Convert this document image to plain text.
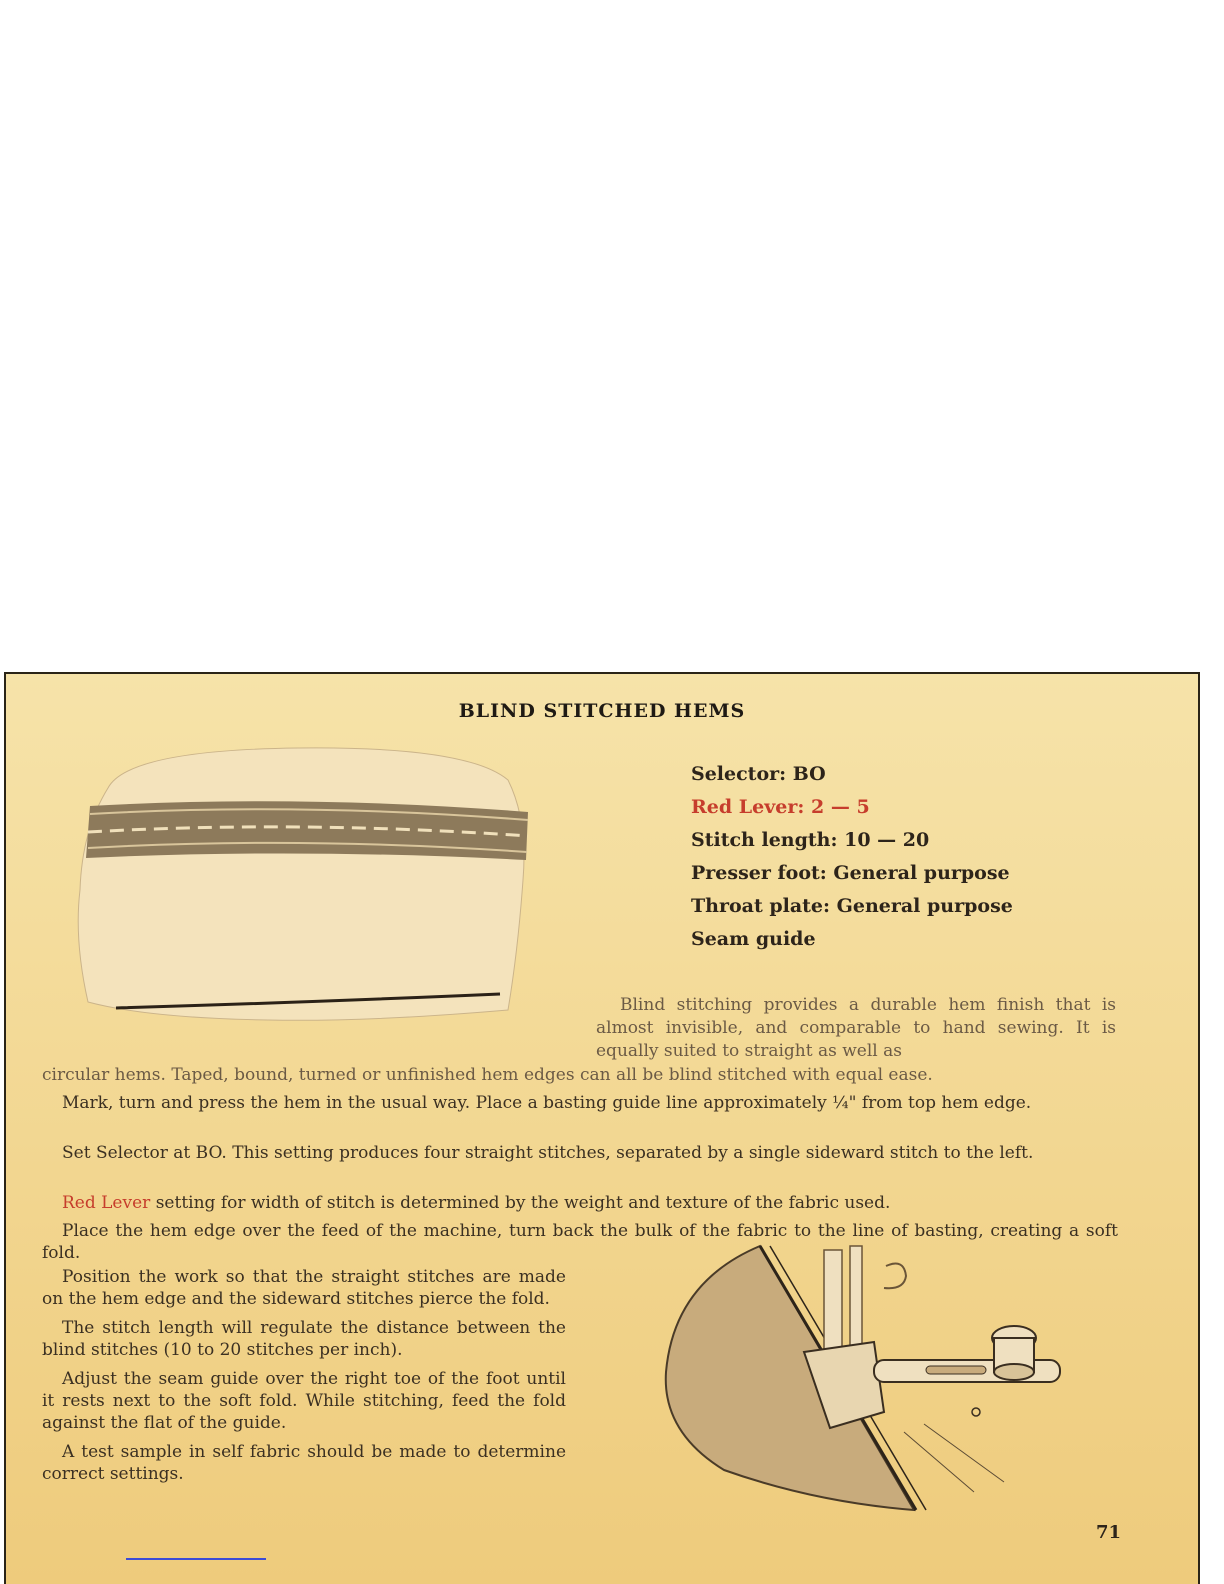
BLIND STITCHED HEMS
Selector: BO
Red Lever: 2 — 5
Stitch length: 10 — 20
Presser foot: General purpose
Throat plate: General purpose
Seam guide
Blind stitching provides a durable hem finish that is almost invisible, and comparable to hand sewing. It is equally suited to straight as well as
circular hems. Taped, bound, turned or unfinished hem edges can all be blind stitched with equal ease.
Mark, turn and press the hem in the usual way. Place a basting guide line approximately ¼" from top hem edge.
Set Selector at BO. This setting produces four straight stitches, separated by a single sideward stitch to the left.
Red Lever setting for width of stitch is determined by the weight and texture of the fabric used.
Place the hem edge over the feed of the machine, turn back the bulk of the fabric to the line of basting, creating a soft fold.

Position the work so that the straight stitches are made on the hem edge and the sideward stitches pierce the fold.

The stitch length will regulate the distance between the blind stitches (10 to 20 stitches per inch).

Adjust the seam guide over the right toe of the foot until it rests next to the soft fold. While stitching, feed the fold against the flat of the guide.

A test sample in self fabric should be made to determine correct settings.

71
